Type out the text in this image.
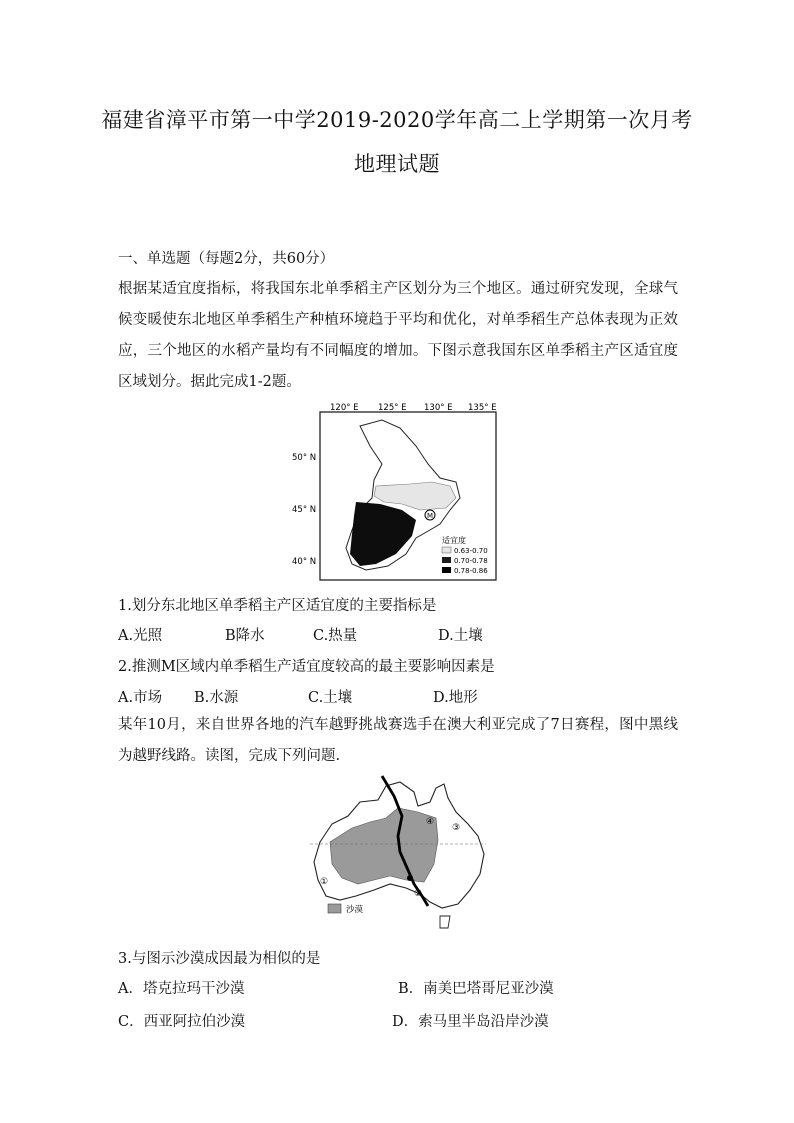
福建省漳平市第一中学2019-2020学年高二上学期第一次月考
地理试题
一、单选题（每题2分，共60分）
根据某适宜度指标，将我国东北单季稻主产区划分为三个地区。通过研究发现，全球气候变暖使东北地区单季稻生产种植环境趋于平均和优化，对单季稻生产总体表现为正效应，三个地区的水稻产量均有不同幅度的增加。下图示意我国东区单季稻主产区适宜度区域划分。据此完成1-2题。
120° E 125° E 130° E 135° E
50° N
45° N
40° N
M
适宜度
0.63-0.70
0.70-0.78
0.78-0.86
1.划分东北地区单季稻主产区适宜度的主要指标是
A.光照	B降水	C.热量	D.土壤
2.推测M区域内单季稻生产适宜度较高的最主要影响因素是
A.市场 B.水源	C.土壤	D.地形
某年10月，来自世界各地的汽车越野挑战赛选手在澳大利亚完成了7日赛程，图中黑线为越野线路。读图，完成下列问题.
①
②
③
④
沙漠
3.与图示沙漠成因最为相似的是
A．塔克拉玛干沙漠	B．南美巴塔哥尼亚沙漠
C．西亚阿拉伯沙漠	D．索马里半岛沿岸沙漠
